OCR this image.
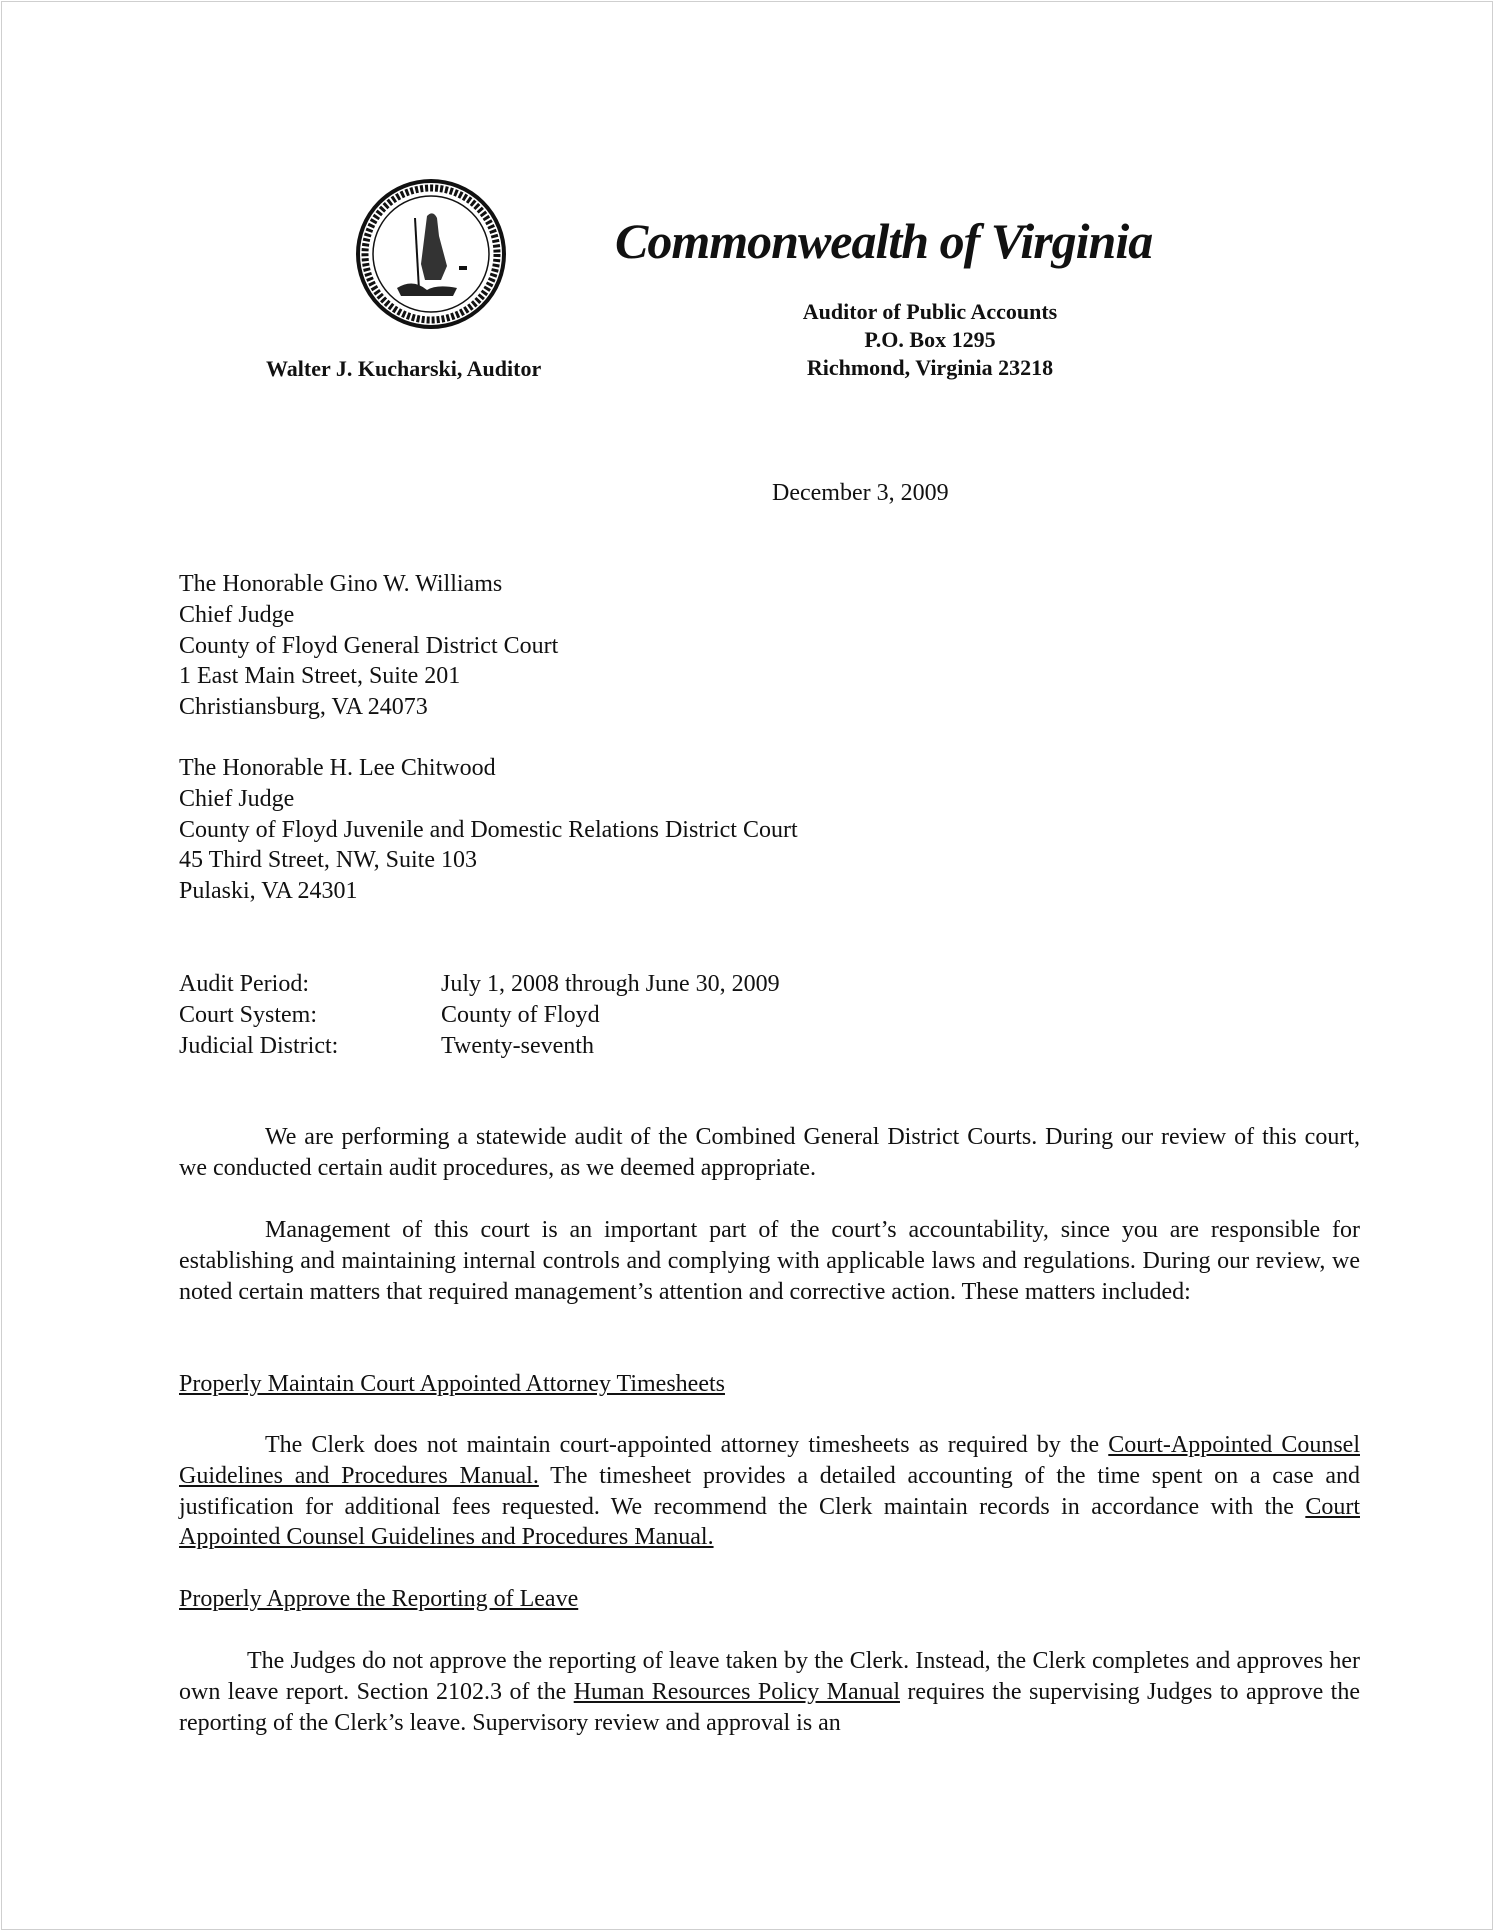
Commonwealth of Virginia
Auditor of Public Accounts
P.O. Box 1295
Richmond, Virginia 23218
Walter J. Kucharski, Auditor
December 3, 2009
The Honorable Gino W. Williams
Chief Judge
County of Floyd General District Court
1 East Main Street, Suite 201
Christiansburg, VA 24073
The Honorable H. Lee Chitwood
Chief Judge
County of Floyd Juvenile and Domestic Relations District Court
45 Third Street, NW, Suite 103
Pulaski, VA 24301
Audit Period:	July 1, 2008 through June 30, 2009
Court System:	County of Floyd
Judicial District:	Twenty-seventh
We are performing a statewide audit of the Combined General District Courts. During our review of this court, we conducted certain audit procedures, as we deemed appropriate.
Management of this court is an important part of the court’s accountability, since you are responsible for establishing and maintaining internal controls and complying with applicable laws and regulations. During our review, we noted certain matters that required management’s attention and corrective action. These matters included:
Properly Maintain Court Appointed Attorney Timesheets
The Clerk does not maintain court-appointed attorney timesheets as required by the Court-Appointed Counsel Guidelines and Procedures Manual. The timesheet provides a detailed accounting of the time spent on a case and justification for additional fees requested. We recommend the Clerk maintain records in accordance with the Court Appointed Counsel Guidelines and Procedures Manual.
Properly Approve the Reporting of Leave
The Judges do not approve the reporting of leave taken by the Clerk. Instead, the Clerk completes and approves her own leave report. Section 2102.3 of the Human Resources Policy Manual requires the supervising Judges to approve the reporting of the Clerk’s leave. Supervisory review and approval is an
